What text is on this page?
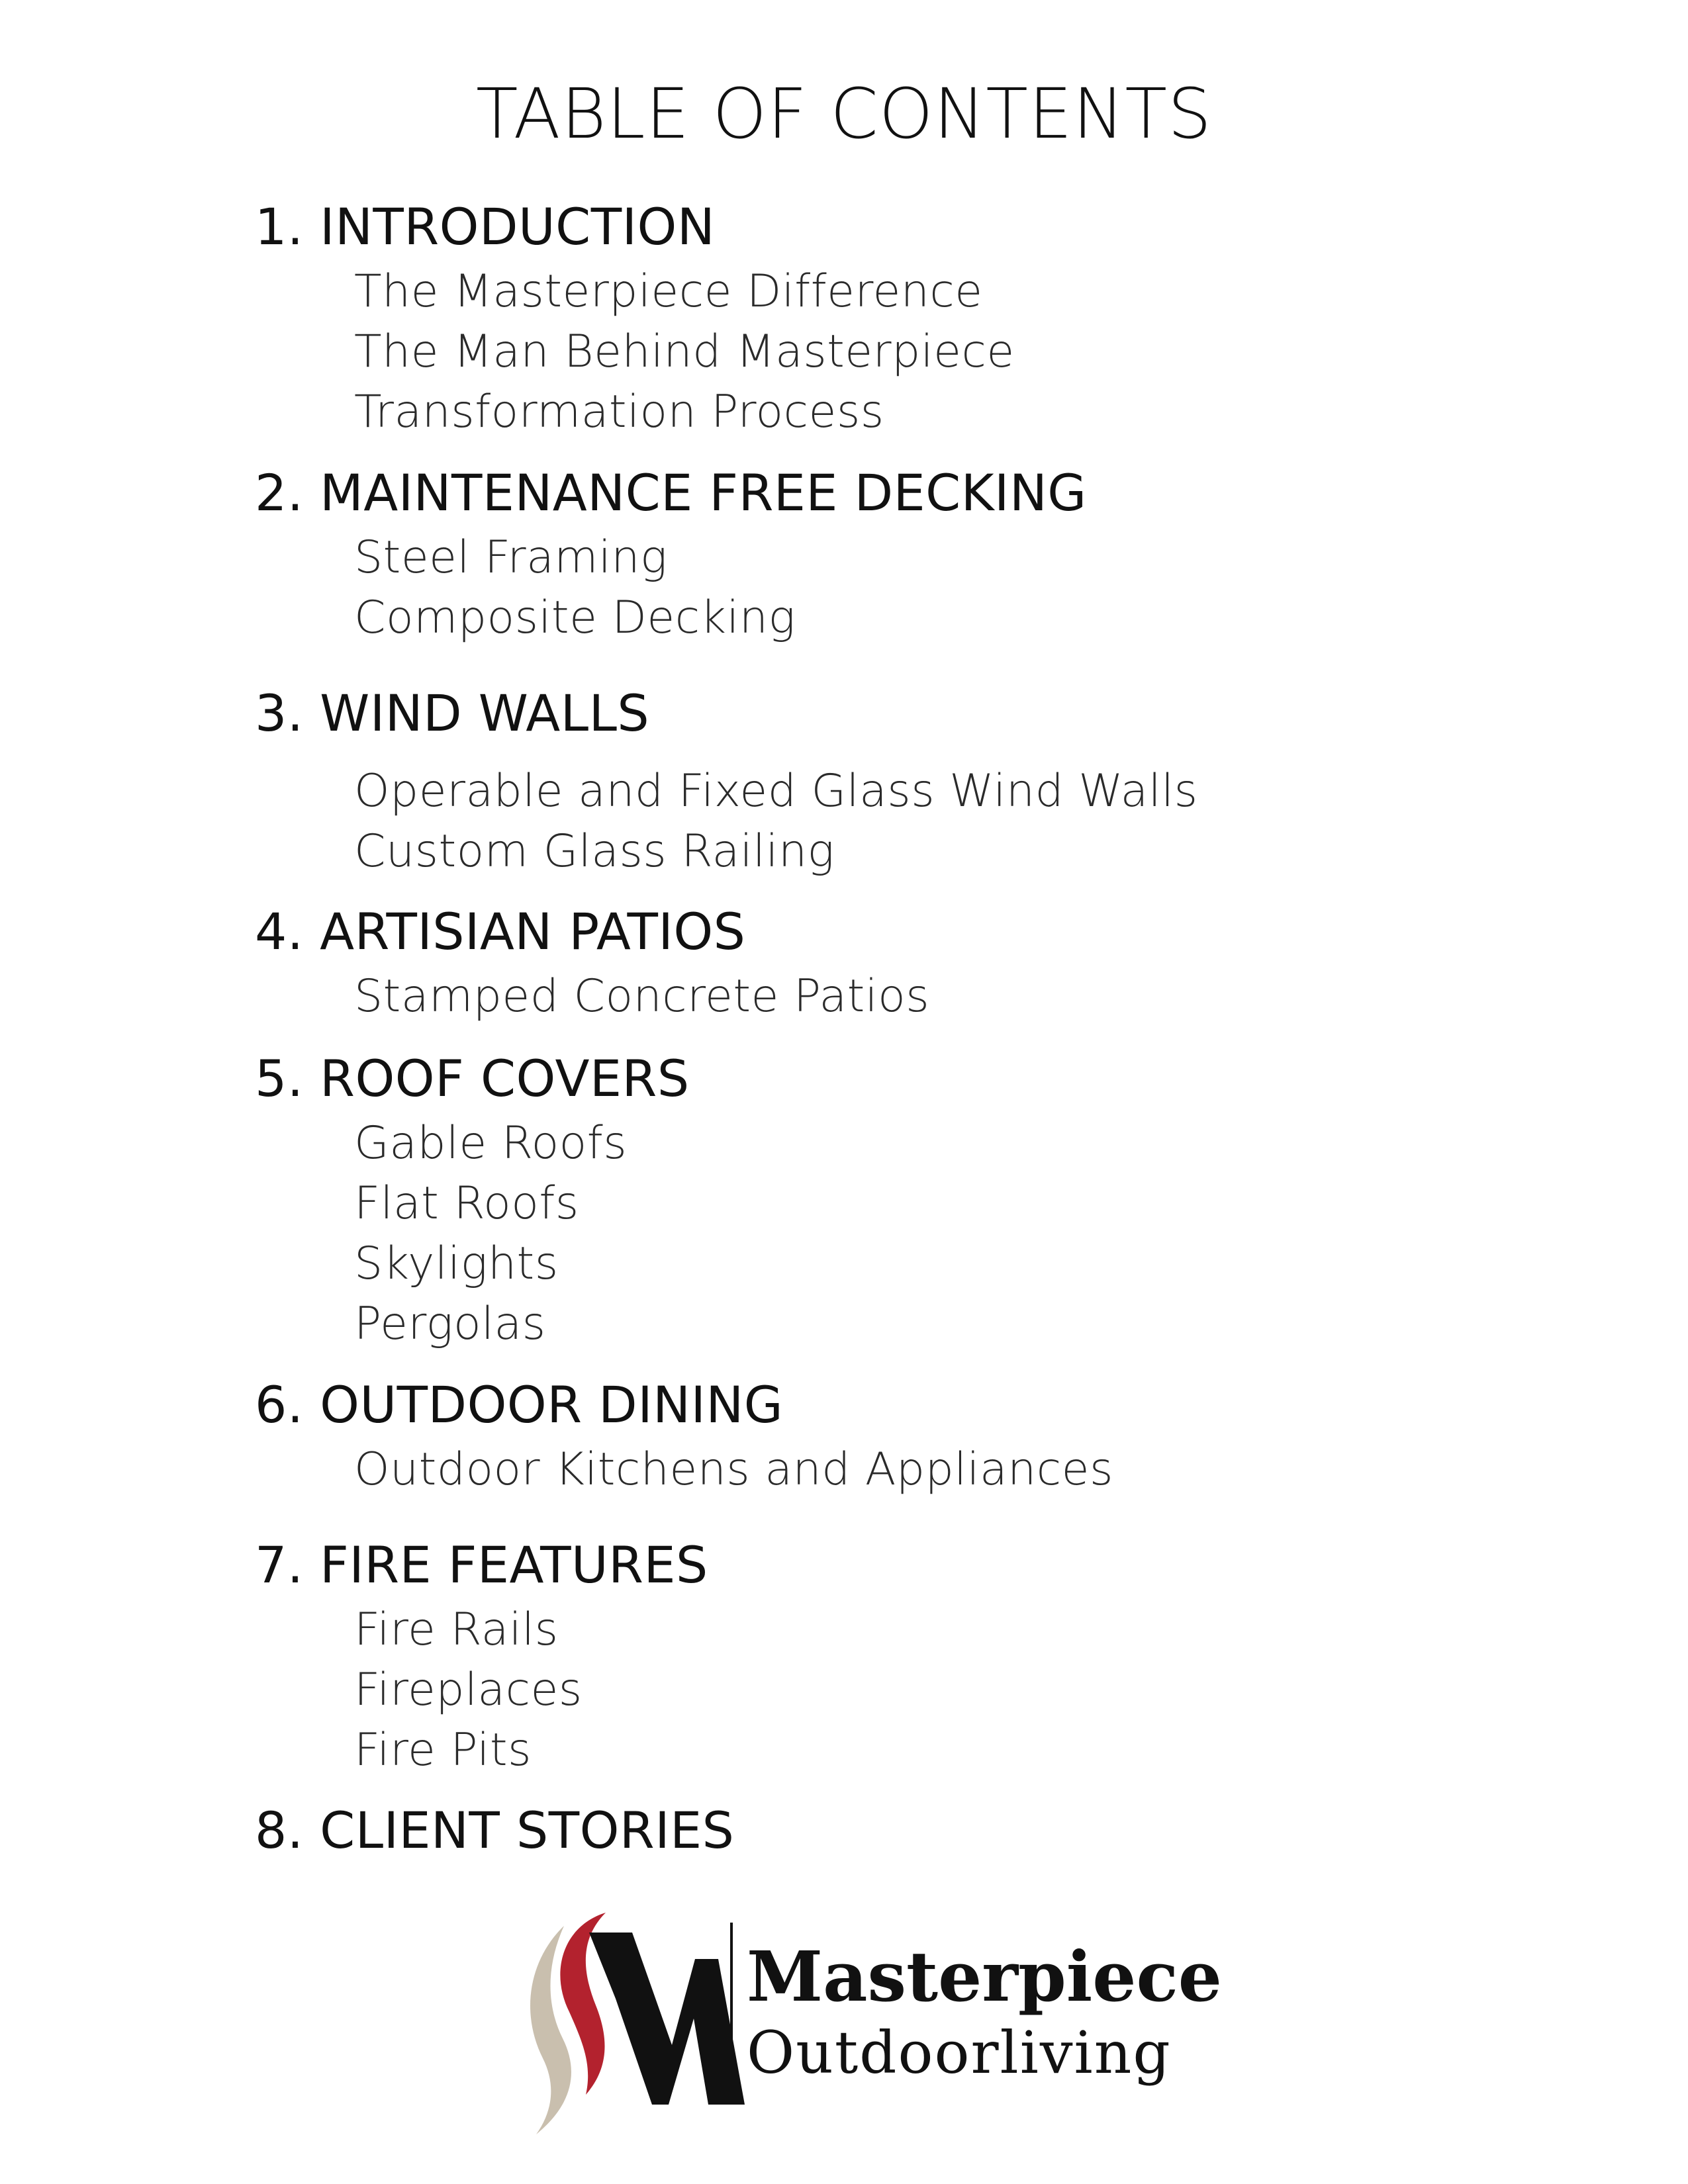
TABLE OF CONTENTS
1. INTRODUCTION
The Masterpiece Difference
The Man Behind Masterpiece
Transformation Process
2. MAINTENANCE FREE DECKING
Steel Framing
Composite Decking
3. WIND WALLS
Operable and Fixed Glass Wind Walls
Custom Glass Railing
4. ARTISIAN PATIOS
Stamped Concrete Patios
5. ROOF COVERS
Gable Roofs
Flat Roofs
Skylights
Pergolas
6. OUTDOOR DINING
Outdoor Kitchens and Appliances
7. FIRE FEATURES
Fire Rails
Fireplaces
Fire Pits
8. CLIENT STORIES
Masterpiece
Outdoorliving
